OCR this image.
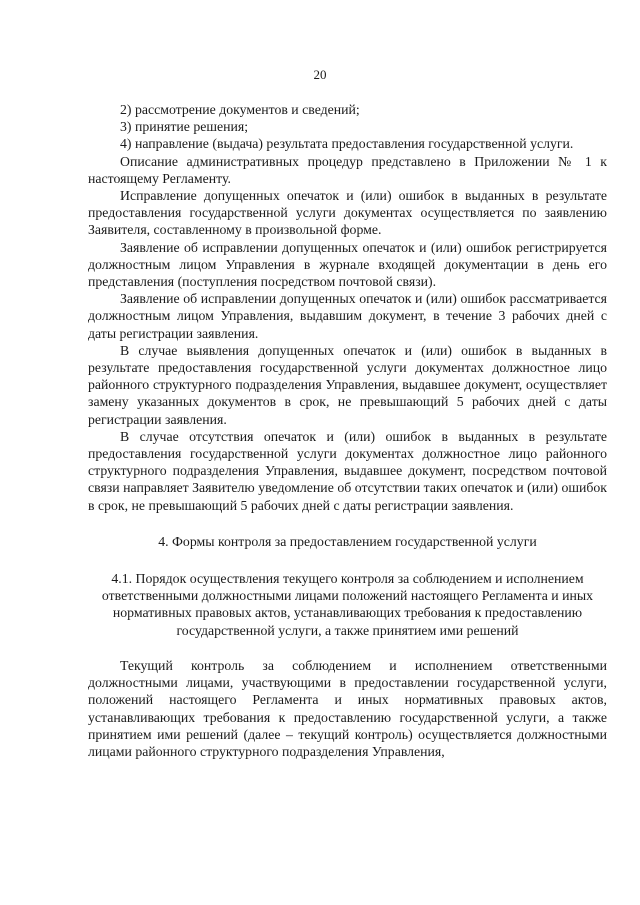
20

2) рассмотрение документов и сведений;

3) принятие решения;

4) направление (выдача) результата предоставления государственной услуги.

Описание административных процедур представлено в Приложении № 1 к настоящему Регламенту.

Исправление допущенных опечаток и (или) ошибок в выданных в результате предоставления государственной услуги документах осуществляется по заявлению Заявителя, составленному в произвольной форме.

Заявление об исправлении допущенных опечаток и (или) ошибок регистрируется должностным лицом Управления в журнале входящей документации в день его представления (поступления посредством почтовой связи).

Заявление об исправлении допущенных опечаток и (или) ошибок рассматривается должностным лицом Управления, выдавшим документ, в течение 3 рабочих дней с даты регистрации заявления.

В случае выявления допущенных опечаток и (или) ошибок в выданных в результате предоставления государственной услуги документах должностное лицо районного структурного подразделения Управления, выдавшее документ, осуществляет замену указанных документов в срок, не превышающий 5 рабочих дней с даты регистрации заявления.

В случае отсутствия опечаток и (или) ошибок в выданных в результате предоставления государственной услуги документах должностное лицо районного структурного подразделения Управления, выдавшее документ, посредством почтовой связи направляет Заявителю уведомление об отсутствии таких опечаток и (или) ошибок в срок, не превышающий 5 рабочих дней с даты регистрации заявления.

4. Формы контроля за предоставлением государственной услуги

4.1. Порядок осуществления текущего контроля за соблюдением и исполнением ответственными должностными лицами положений настоящего Регламента и иных нормативных правовых актов, устанавливающих требования к предоставлению государственной услуги, а также принятием ими решений

Текущий контроль за соблюдением и исполнением ответственными должностными лицами, участвующими в предоставлении государственной услуги, положений настоящего Регламента и иных нормативных правовых актов, устанавливающих требования к предоставлению государственной услуги, а также принятием ими решений (далее – текущий контроль) осуществляется должностными лицами районного структурного подразделения Управления,
